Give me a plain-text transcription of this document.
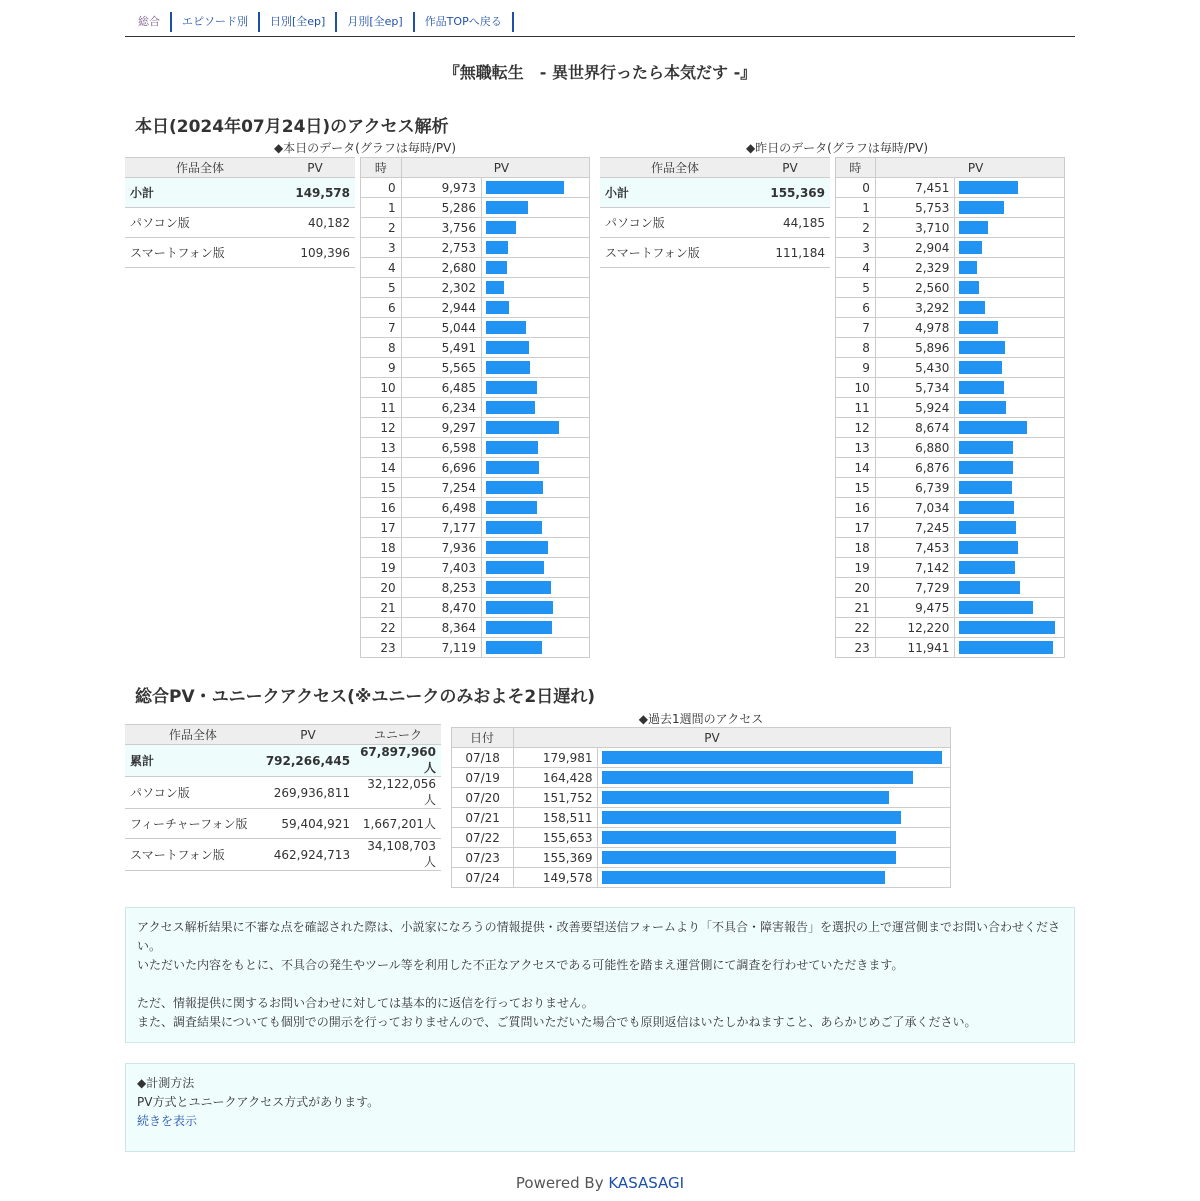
総合	エピソード別	日別[全ep]	月別[全ep]	作品TOPへ戻る
『無職転生　- 異世界行ったら本気だす -』
本日(2024年07月24日)のアクセス解析
◆本日のデータ(グラフは毎時/PV)	◆昨日のデータ(グラフは毎時/PV)
作品全体	PV
小計	149,578
パソコン版	40,182
スマートフォン版	109,396
時	PV	
0	9,973	

1	5,286	

2	3,756	

3	2,753	

4	2,680	

5	2,302	

6	2,944	

7	5,044	

8	5,491	

9	5,565	

10	6,485	

11	6,234	

12	9,297	

13	6,598	

14	6,696	

15	7,254	

16	6,498	

17	7,177	

18	7,936	

19	7,403	

20	8,253	

21	8,470	

22	8,364	

23	7,119	
作品全体	PV
小計	155,369
パソコン版	44,185
スマートフォン版	111,184
時	PV	
0	7,451	

1	5,753	

2	3,710	

3	2,904	

4	2,329	

5	2,560	

6	3,292	

7	4,978	

8	5,896	

9	5,430	

10	5,734	

11	5,924	

12	8,674	

13	6,880	

14	6,876	

15	6,739	

16	7,034	

17	7,245	

18	7,453	

19	7,142	

20	7,729	

21	9,475	

22	12,220	

23	11,941	
総合PV・ユニークアクセス(※ユニークのみおよそ2日遅れ)
作品全体	PV	ユニーク
累計	792,266,445	67,897,960人
パソコン版	269,936,811	32,122,056人
フィーチャーフォン版	59,404,921	1,667,201人
スマートフォン版	462,924,713	34,108,703人
◆過去1週間のアクセス
日付	PV	
07/18	179,981	

07/19	164,428	

07/20	151,752	

07/21	158,511	

07/22	155,653	

07/23	155,369	

07/24	149,578	

アクセス解析結果に不審な点を確認された際は、小説家になろうの情報提供・改善要望送信フォームより「不具合・障害報告」を選択の上で運営側までお問い合わせください。

いただいた内容をもとに、不具合の発生やツール等を利用した不正なアクセスである可能性を踏まえ運営側にて調査を行わせていただきます。

ただ、情報提供に関するお問い合わせに対しては基本的に返信を行っておりません。

また、調査結果についても個別での開示を行っておりませんので、ご質問いただいた場合でも原則返信はいたしかねますこと、あらかじめご了承ください。

◆計測方法

PV方式とユニークアクセス方式があります。

続きを表示

Powered By KASASAGI
